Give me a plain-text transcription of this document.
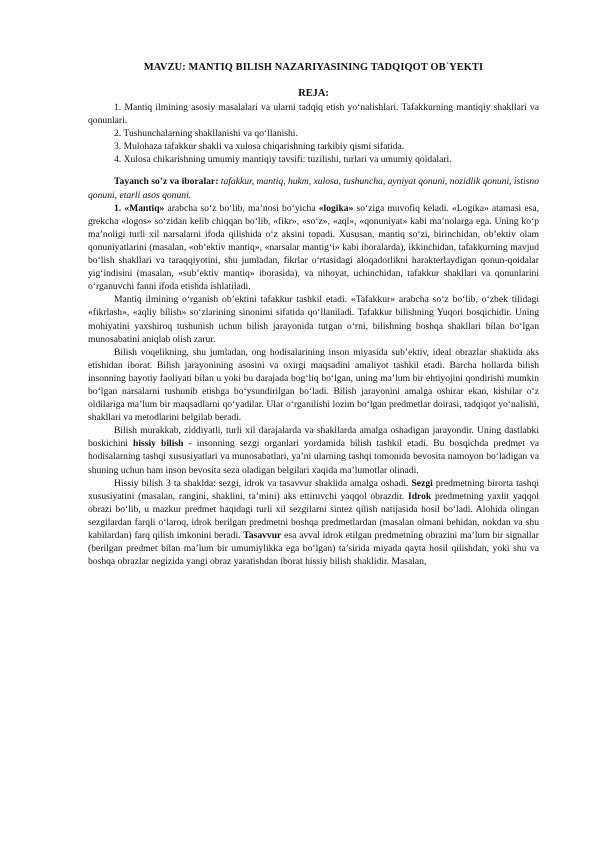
MAVZU: MANTIQ BILISH NAZARIYASINING TADQIQOT OB`YEKTI
REJA:

1. Mantiq ilmining asosiy masalalari va ularni tadqiq etish yo‘nalishlari. Tafakkurning mantiqiy shakllari va qonunlari.

2. Tushunchalarning shakllanishi va qo‘llanishi.

3. Mulohaza tafakkur shakli va xulosa chiqarishning tarkibiy qismi sifatida.

4. Xulosa chikarishning umumiy mantiqiy tavsifi: tuzilishi, turlari va umumiy qoidalari.

Tayanch so’z va iboralar: tafakkur, mantiq, hukm, xulosa, tushuncha, ayniyat qonuni, nozidlik qonuni, istisno qonuni, etarli asos qonuni.

1. «Mantiq» arabcha so‘z bo‘lib, ma’nosi bo‘yicha «logika» so‘ziga muvofiq keladi. «Logika» atamasi esa, grekcha «logos» so‘zidan kelib chiqqan bo‘lib, «fikr», «so‘z», «aql», «qonuniyat» kabi ma’nolarga ega. Uning ko‘p ma’noligi turli xil narsalarni ifoda qilishida o‘z aksini topadi. Xususan, mantiq so‘zi, birinchidan, ob’ektiv olam qonuniyatlarini (masalan, «ob’ektiv mantiq», «narsalar mantig‘i» kabi iboralarda), ikkinchidan, tafakkurning mavjud bo‘lish shakllari va taraqqiyotini, shu jumladan, fikrlar o‘rtasidagi aloqadorlikni harakterlaydigan qonun-qoidalar yig‘indisini (masalan, «sub’ektiv mantiq» iborasida), va nihoyat, uchinchidan, tafakkur shakllari va qonunlarini o‘rganuvchi fanni ifoda etishda ishlatiladi.

Mantiq ilmining o‘rganish ob’ektini tafakkur tashkil etadi. «Tafakkur» arabcha so‘z bo‘lib, o‘zbek tilidagi «fikrlash», «aqliy bilish» so‘zlarining sinonimi sifatida qo‘llaniladi. Tafakkur bilishning Yuqori bosqichidir. Uning mohiyatini yaxshiroq tushunish uchun bilish jarayonida tutgan o‘rni, bilishning boshqa shakllari bilan bo‘lgan munosabatini aniqlab olish zarur.

Bilish voqelikning, shu jumladan, ong hodisalarining inson miyasida sub’ektiv, ideal obrazlar shaklida aks etishidan iborat. Bilish jarayonining asosini va oxirgi maqsadini amaliyot tashkil etadi. Barcha hollarda bilish insonning hayotiy faoliyati bilan u yoki bu darajada bog‘liq bo‘lgan, uning ma’lum bir ehtiyojini qondirishi mumkin bo‘lgan narsalarni tushunib etishga bo‘ysundirilgan bo‘ladi. Bilish jarayonini amalga oshirar ekan, kishilar o‘z oldilariga ma’lum bir maqsadlarni qo‘yadilar. Ular o‘rganilishi lozim bo‘lgan predmetlar doirasi, tadqiqot yo‘nalishi, shakllari va metodlarini belgilab beradi.

Bilish murakkab, ziddiyatli, turli xil darajalarda va shakllarda amalga oshadigan jarayondir. Uning dastlabki boskichini hissiy bilish - insonning sezgi organlari yordamida bilish tashkil etadi. Bu bosqichda predmet va hodisalarning tashqi xususiyatlari va munosabatlari, ya’ni ularning tashqi tomonida bevosita namoyon bo‘ladigan va shuning uchun ham inson bevosita seza oladigan belgilari xaqida ma’lumotlar olinadi.

Hissiy bilish 3 ta shaklda: sezgi, idrok va tasavvur shaklida amalga oshadi. Sezgi predmetning birorta tashqi xususiyatini (masalan, rangini, shaklini, ta’mini) aks ettiruvchi yaqqol obrazdir. Idrok predmetning yaxlit yaqqol obrazi bo‘lib, u mazkur predmet haqidagi turli xil sezgilarni sintez qilish natijasida hosil bo‘ladi. Alohida olingan sezgilardan farqli o‘laroq, idrok berilgan predmetni boshqa predmetlardan (masalan olmani behidan, nokdan va shu kabilardan) farq qilish imkonini beradi. Tasavvur esa avval idrok etilgan predmetning obrazini ma’lum bir signallar (berilgan predmet bilan ma’lum bir umumiylikka ega bo‘lgan) ta’sirida miyada qayta hosil qilishdan, yoki shu va boshqa obrazlar negizida yangi obraz yaratishdan iborat hissiy bilish shaklidir. Masalan,
